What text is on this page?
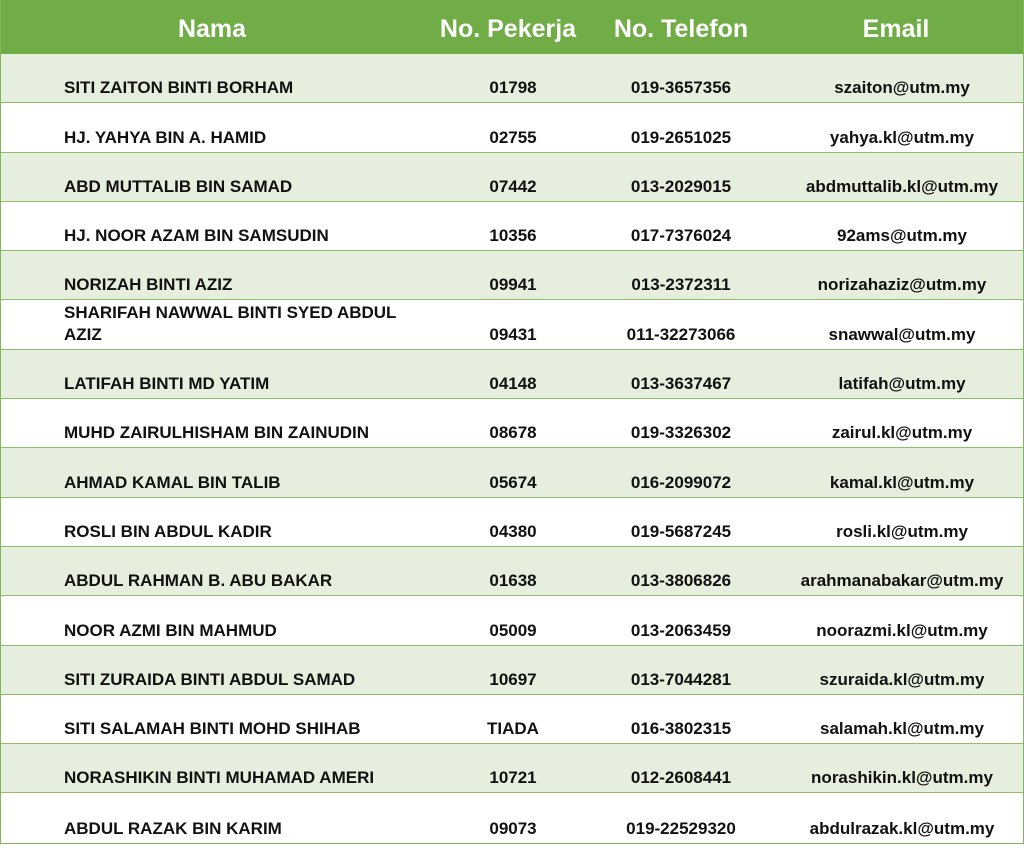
Nama	No. Pekerja	No. Telefon	Email
SITI ZAITON BINTI BORHAM	01798	019-3657356	szaiton@utm.my
HJ. YAHYA BIN A. HAMID	02755	019-2651025	yahya.kl@utm.my
ABD MUTTALIB BIN SAMAD	07442	013-2029015	abdmuttalib.kl@utm.my
HJ. NOOR AZAM BIN SAMSUDIN	10356	017-7376024	92ams@utm.my
NORIZAH BINTI AZIZ	09941	013-2372311	norizahaziz@utm.my
SHARIFAH NAWWAL BINTI SYED ABDUL AZIZ	09431	011-32273066	snawwal@utm.my
LATIFAH BINTI MD YATIM	04148	013-3637467	latifah@utm.my
MUHD ZAIRULHISHAM BIN ZAINUDIN	08678	019-3326302	zairul.kl@utm.my
AHMAD KAMAL BIN TALIB	05674	016-2099072	kamal.kl@utm.my
ROSLI BIN ABDUL KADIR	04380	019-5687245	rosli.kl@utm.my
ABDUL RAHMAN B. ABU BAKAR	01638	013-3806826	arahmanabakar@utm.my
NOOR AZMI BIN MAHMUD	05009	013-2063459	noorazmi.kl@utm.my
SITI ZURAIDA BINTI ABDUL SAMAD	10697	013-7044281	szuraida.kl@utm.my
SITI SALAMAH BINTI MOHD SHIHAB	TIADA	016-3802315	salamah.kl@utm.my
NORASHIKIN BINTI MUHAMAD AMERI	10721	012-2608441	norashikin.kl@utm.my
ABDUL RAZAK BIN KARIM	09073	019-22529320	abdulrazak.kl@utm.my
